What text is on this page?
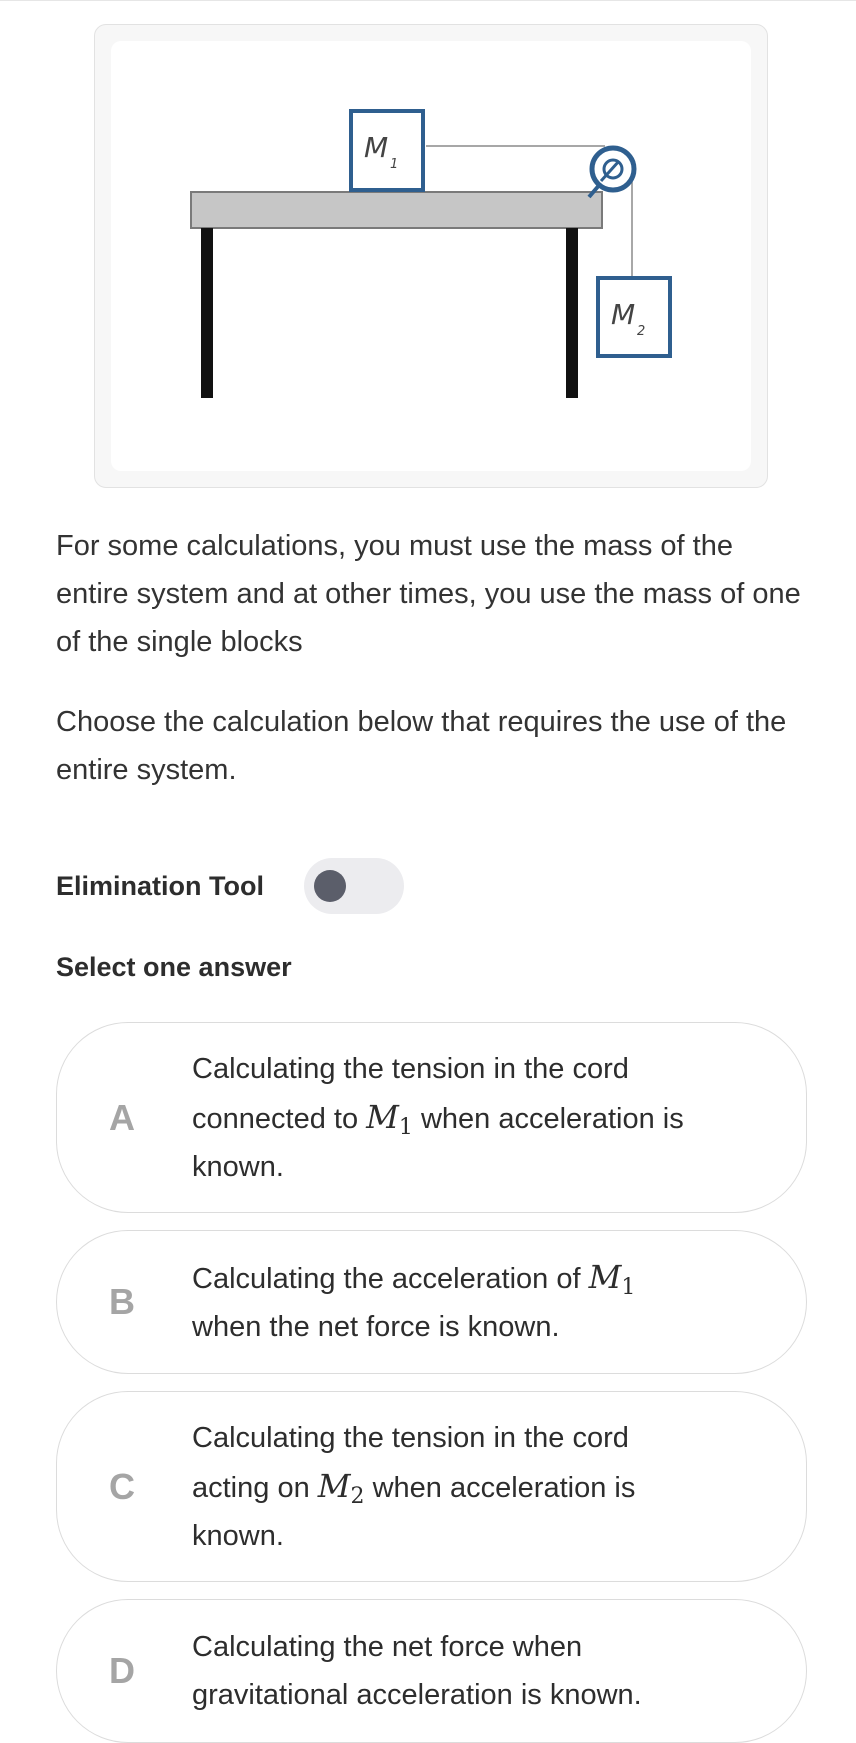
M
1
M
2

For some calculations, you must use the mass of the entire system and at other times, you use the mass of one of the single blocks

Choose the calculation below that requires the use of the entire system.

Elimination Tool
Select one answer
A
Calculating the tension in the cord connected to $M_1$ when acceleration is known.
B
Calculating the acceleration of $M_1$ when the net force is known.
C
Calculating the tension in the cord acting on $M_2$ when acceleration is known.
D
Calculating the net force when gravitational acceleration is known.
